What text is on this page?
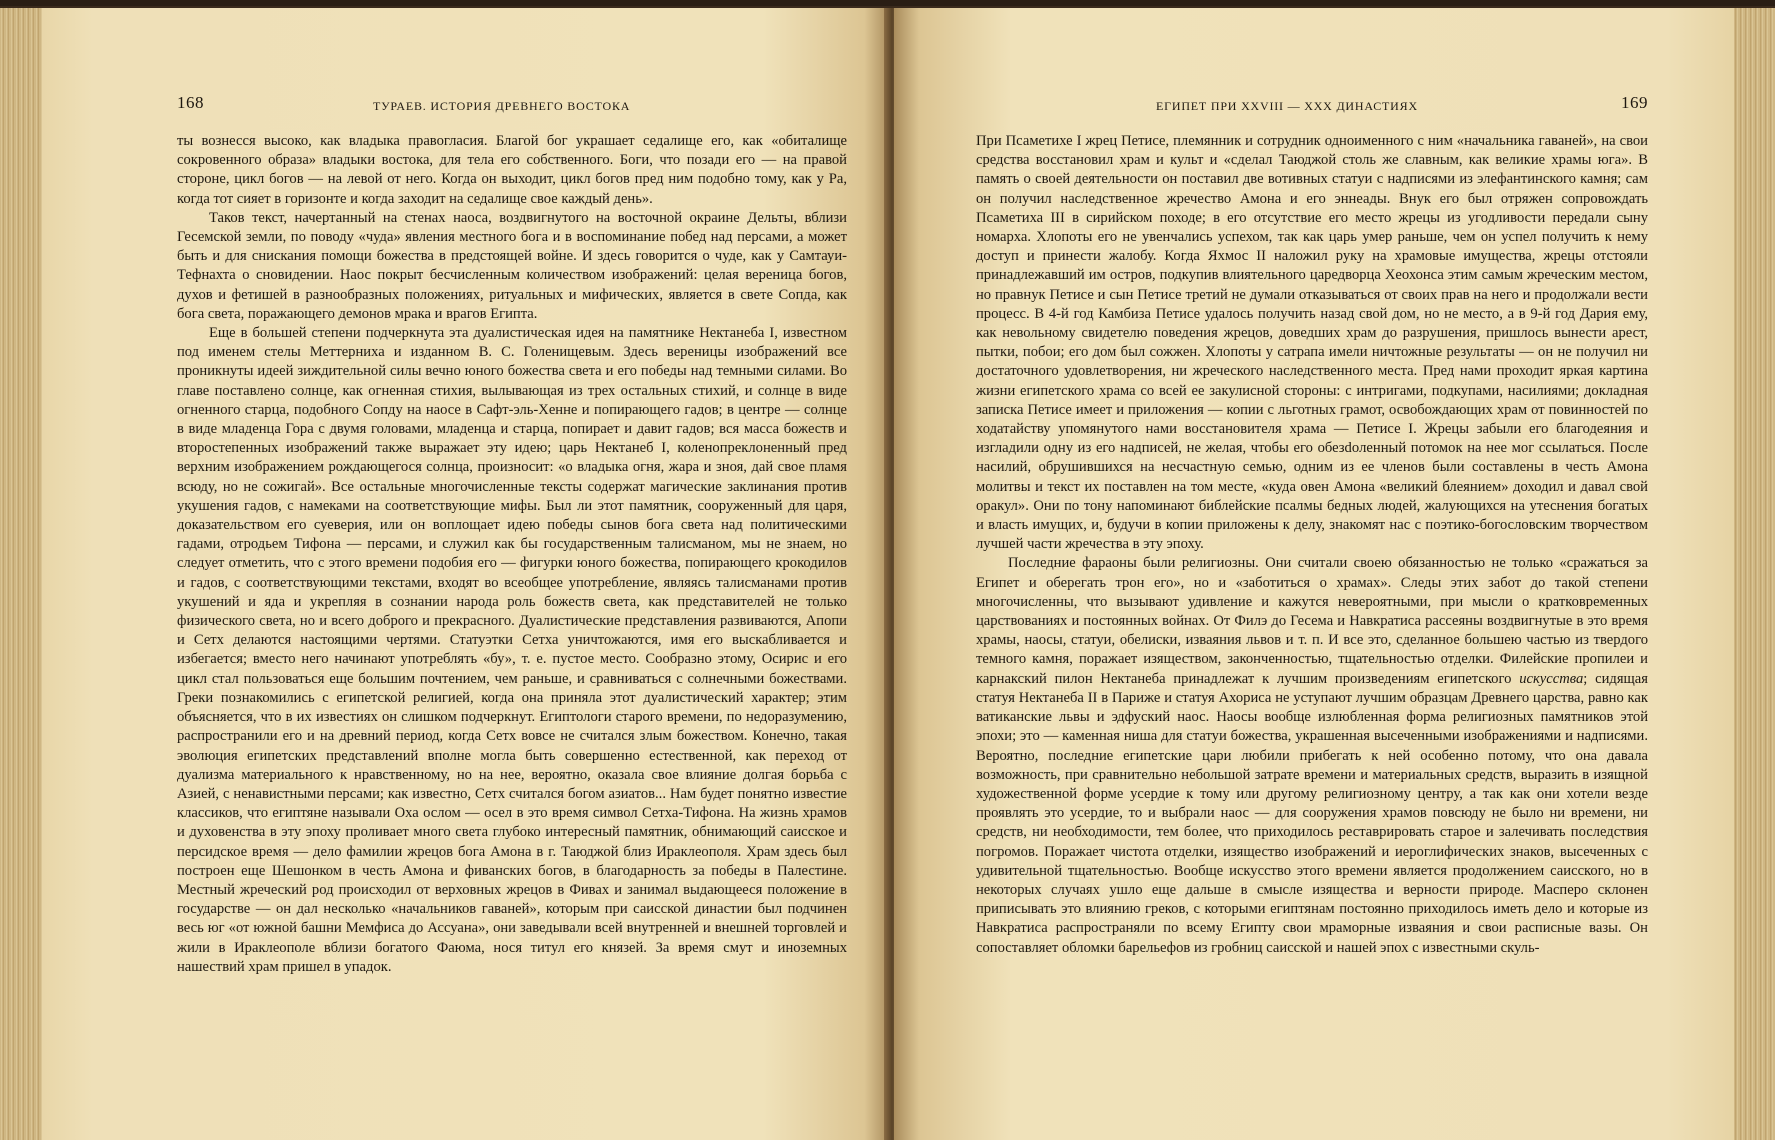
168	ТУРАЕВ. ИСТОРИЯ ДРЕВНЕГО ВОСТОКА

ты вознесся высоко, как владыка правогласия. Благой бог украшает седалище его, как «обиталище сокровенного образа» владыки востока, для тела его собственного. Боги, что позади его — на правой стороне, цикл богов — на левой от него. Когда он выходит, цикл богов пред ним подобно тому, как у Ра, когда тот сияет в горизонте и когда заходит на седалище свое каждый день».

Таков текст, начертанный на стенах наоса, воздвигнутого на восточной окраине Дельты, вблизи Гесемской земли, по поводу «чуда» явления местного бога и в воспоминание побед над персами, а может быть и для снискания помощи божества в предстоящей войне. И здесь говорится о чуде, как у Самтауи-Тефнахта о сновидении. Наос покрыт бесчисленным количеством изображений: целая вереница богов, духов и фетишей в разнообразных положениях, ритуальных и мифических, является в свете Сопда, как бога света, поражающего демонов мрака и врагов Египта.

Еще в большей степени подчеркнута эта дуалистическая идея на памятнике Нектанеба I, известном под именем стелы Меттерниха и изданном В. С. Голенищевым. Здесь вереницы изображений все проникнуты идеей зиждительной силы вечно юного божества света и его победы над темными силами. Во главе поставлено солнце, как огненная стихия, вылывающая из трех остальных стихий, и солнце в виде огненного старца, подобного Сопду на наосе в Сафт-эль-Хенне и попирающего гадов; в центре — солнце в виде младенца Гора с двумя головами, младенца и старца, попирает и давит гадов; вся масса божеств и второстепенных изображений также выражает эту идею; царь Нектанеб I, коленопреклоненный пред верхним изображением рождающегося солнца, произносит: «о владыка огня, жара и зноя, дай свое пламя всюду, но не сожигай». Все остальные многочисленные тексты содержат магические заклинания против укушения гадов, с намеками на соответствующие мифы. Был ли этот памятник, сооруженный для царя, доказательством его суеверия, или он воплощает идею победы сынов бога света над политическими гадами, отродьем Тифона — персами, и служил как бы государственным талисманом, мы не знаем, но следует отметить, что с этого времени подобия его — фигурки юного божества, попирающего крокодилов и гадов, с соответствующими текстами, входят во всеобщее употребление, являясь талисманами против укушений и яда и укрепляя в сознании народа роль божеств света, как представителей не только физического света, но и всего доброго и прекрасного. Дуалистические представления развиваются, Апопи и Сетх делаются настоящими чертями. Статуэтки Сетха уничтожаются, имя его выскабливается и избегается; вместо него начинают употреблять «бу», т. е. пустое место. Сообразно этому, Осирис и его цикл стал пользоваться еще большим почтением, чем раньше, и сравниваться с солнечными божествами. Греки познакомились с египетской религией, когда она приняла этот дуалистический характер; этим объясняется, что в их известиях он слишком подчеркнут. Египтологи старого времени, по недоразумению, распространили его и на древний период, когда Сетх вовсе не считался злым божеством. Конечно, такая эволюция египетских представлений вполне могла быть совершенно естественной, как переход от дуализма материального к нравственному, но на нее, вероятно, оказала свое влияние долгая борьба с Азией, с ненавистными персами; как известно, Сетх считался богом азиатов... Нам будет понятно известие классиков, что египтяне называли Оха ослом — осел в это время символ Сетха-Тифона. На жизнь храмов и духовенства в эту эпоху проливает много света глубоко интересный памятник, обнимающий саисское и персидское время — дело фамилии жрецов бога Амона в г. Таюджой близ Ираклеополя. Храм здесь был построен еще Шешонком в честь Амона и фиванских богов, в благодарность за победы в Палестине. Местный жреческий род происходил от верховных жрецов в Фивах и занимал выдающееся положение в государстве — он дал несколько «начальников гаваней», которым при саисской династии был подчинен весь юг «от южной башни Мемфиса до Ассуана», они заведывали всей внутренней и внешней торговлей и жили в Ираклеополе вблизи богатого Фаюма, нося титул его князей. За время смут и иноземных нашествий храм пришел в упадок.

ЕГИПЕТ ПРИ XXVIII — XXX ДИНАСТИЯХ	169

При Псаметихе I жрец Петисе, племянник и сотрудник одноименного с ним «начальника гаваней», на свои средства восстановил храм и культ и «сделал Таюджой столь же славным, как великие храмы юга». В память о своей деятельности он поставил две вотивных статуи с надписями из элефантинского камня; сам он получил наследственное жречество Амона и его эннеады. Внук его был отряжен сопровождать Псаметиха III в сирийском походе; в его отсутствие его место жрецы из угодливости передали сыну номарха. Хлопоты его не увенчались успехом, так как царь умер раньше, чем он успел получить к нему доступ и принести жалобу. Когда Яхмос II наложил руку на храмовые имущества, жрецы отстояли принадлежавший им остров, подкупив влиятельного царедворца Хеохонса этим самым жреческим местом, но правнук Петисе и сын Петисе третий не думали отказываться от своих прав на него и продолжали вести процесс. В 4-й год Камбиза Петисе удалось получить назад свой дом, но не место, а в 9-й год Дария ему, как невольному свидетелю поведения жрецов, доведших храм до разрушения, пришлось вынести арест, пытки, побои; его дом был сожжен. Хлопоты у сатрапа имели ничтожные результаты — он не получил ни достаточного удовлетворения, ни жреческого наследственного места. Пред нами проходит яркая картина жизни египетского храма со всей ее закулисной стороны: с интригами, подкупами, насилиями; докладная записка Петисе имеет и приложения — копии с льготных грамот, освобождающих храм от повинностей по ходатайству упомянутого нами восстановителя храма — Петисе I. Жрецы забыли его благодеяния и изгладили одну из его надписей, не желая, чтобы его обезdoленный потомок на нее мог ссылаться. После насилий, обрушившихся на несчастную семью, одним из ее членов были составлены в честь Амона молитвы и текст их поставлен на том месте, «куда овен Амона «великий блеянием» доходил и давал свой оракул». Они по тону напоминают библейские псалмы бедных людей, жалующихся на утеснения богатых и власть имущих, и, будучи в копии приложены к делу, знакомят нас с поэтико-богословским творчеством лучшей части жречества в эту эпоху.

Последние фараоны были религиозны. Они считали своею обязанностью не только «сражаться за Египет и оберегать трон его», но и «заботиться о храмах». Следы этих забот до такой степени многочисленны, что вызывают удивление и кажутся невероятными, при мысли о кратковременных царствованиях и постоянных войнах. От Филэ до Гесема и Навкратиса рассеяны воздвигнутые в это время храмы, наосы, статуи, обелиски, изваяния львов и т. п. И все это, сделанное большею частью из твердого темного камня, поражает изяществом, законченностью, тщательностью отделки. Филейские пропилеи и карнакский пилон Нектанеба принадлежат к лучшим произведениям египетского искусства; сидящая статуя Нектанеба II в Париже и статуя Ахориса не уступают лучшим образцам Древнего царства, равно как ватиканские львы и эдфуский наос. Наосы вообще излюбленная форма религиозных памятников этой эпохи; это — каменная ниша для статуи божества, украшенная высеченными изображениями и надписями. Вероятно, последние египетские цари любили прибегать к ней особенно потому, что она давала возможность, при сравнительно небольшой затрате времени и материальных средств, выразить в изящной художественной форме усердие к тому или другому религиозному центру, а так как они хотели везде проявлять это усердие, то и выбрали наос — для сооружения храмов повсюду не было ни времени, ни средств, ни необходимости, тем более, что приходилось реставрировать старое и залечивать последствия погромов. Поражает чистота отделки, изящество изображений и иероглифических знаков, высеченных с удивительной тщательностью. Вообще искусство этого времени является продолжением саисского, но в некоторых случаях ушло еще дальше в смысле изящества и верности природе. Масперо склонен приписывать это влиянию греков, с которыми египтянам постоянно приходилось иметь дело и которые из Навкратиса распространяли по всему Египту свои мраморные изваяния и свои расписные вазы. Он сопоставляет обломки барельефов из гробниц саисской и нашей эпох с известными скуль-
